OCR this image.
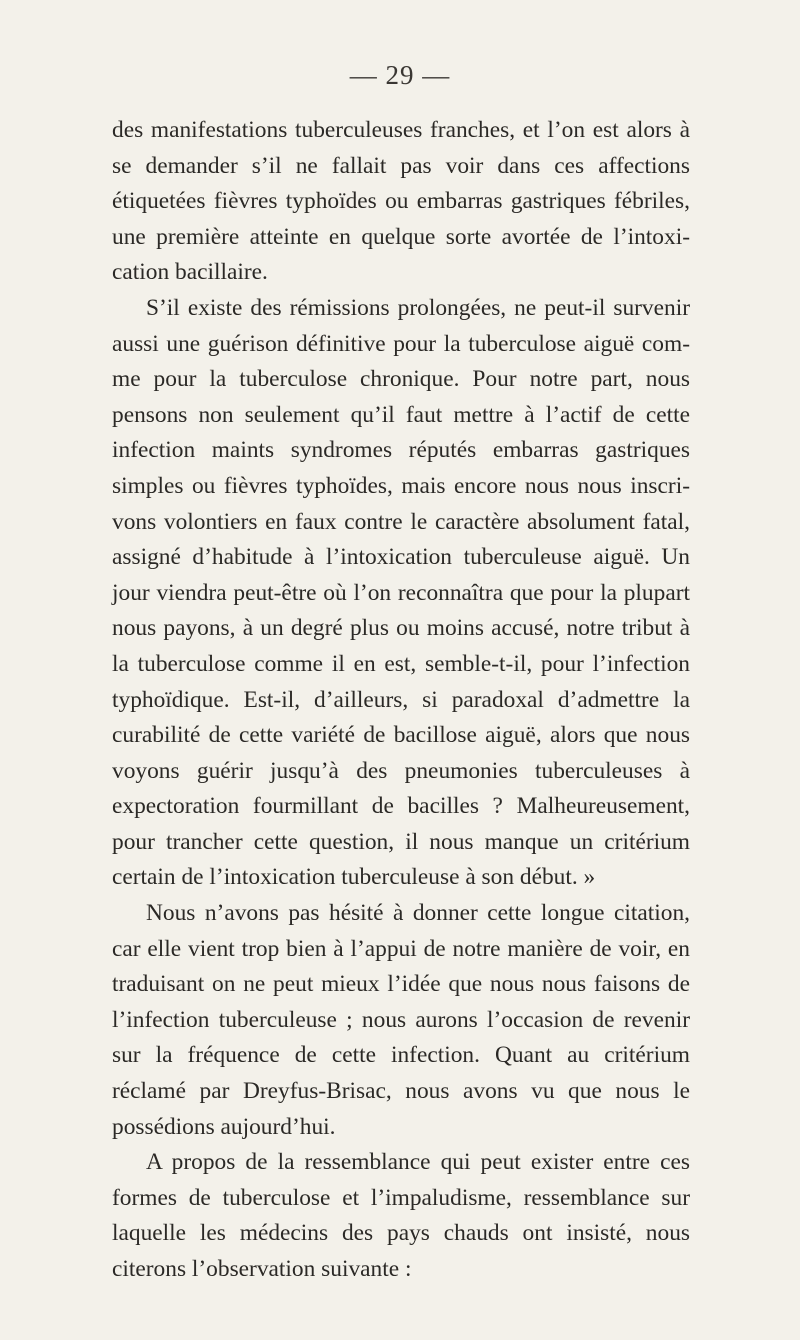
— 29 —

des manifestations tuberculeuses franches, et l’on est alors à se demander s’il ne fallait pas voir dans ces affections étiquetées fièvres typhoïdes ou embarras gastriques fébriles, une première atteinte en quelque sorte avortée de l’intoxication bacillaire.

S’il existe des rémissions prolongées, ne peut-il survenir aussi une guérison définitive pour la tuberculose aiguë comme pour la tuberculose chronique. Pour notre part, nous pensons non seulement qu’il faut mettre à l’actif de cette infection maints syndromes réputés embarras gastriques simples ou fièvres typhoïdes, mais encore nous nous inscrivons volontiers en faux contre le caractère absolument fatal, assigné d’habitude à l’intoxication tuberculeuse aiguë. Un jour viendra peut-être où l’on reconnaîtra que pour la plupart nous payons, à un degré plus ou moins accusé, notre tribut à la tuberculose comme il en est, semble-t-il, pour l’infection typhoïdique. Est-il, d’ailleurs, si paradoxal d’admettre la curabilité de cette variété de bacillose aiguë, alors que nous voyons guérir jusqu’à des pneumonies tuberculeuses à expectoration fourmillant de bacilles ? Malheureusement, pour trancher cette question, il nous manque un critérium certain de l’intoxication tuberculeuse à son début. »

Nous n’avons pas hésité à donner cette longue citation, car elle vient trop bien à l’appui de notre manière de voir, en traduisant on ne peut mieux l’idée que nous nous faisons de l’infection tuberculeuse ; nous aurons l’occasion de revenir sur la fréquence de cette infection. Quant au critérium réclamé par Dreyfus-Brisac, nous avons vu que nous le possédions aujourd’hui.

A propos de la ressemblance qui peut exister entre ces formes de tuberculose et l’impaludisme, ressemblance sur laquelle les médecins des pays chauds ont insisté, nous citerons l’observation suivante :
